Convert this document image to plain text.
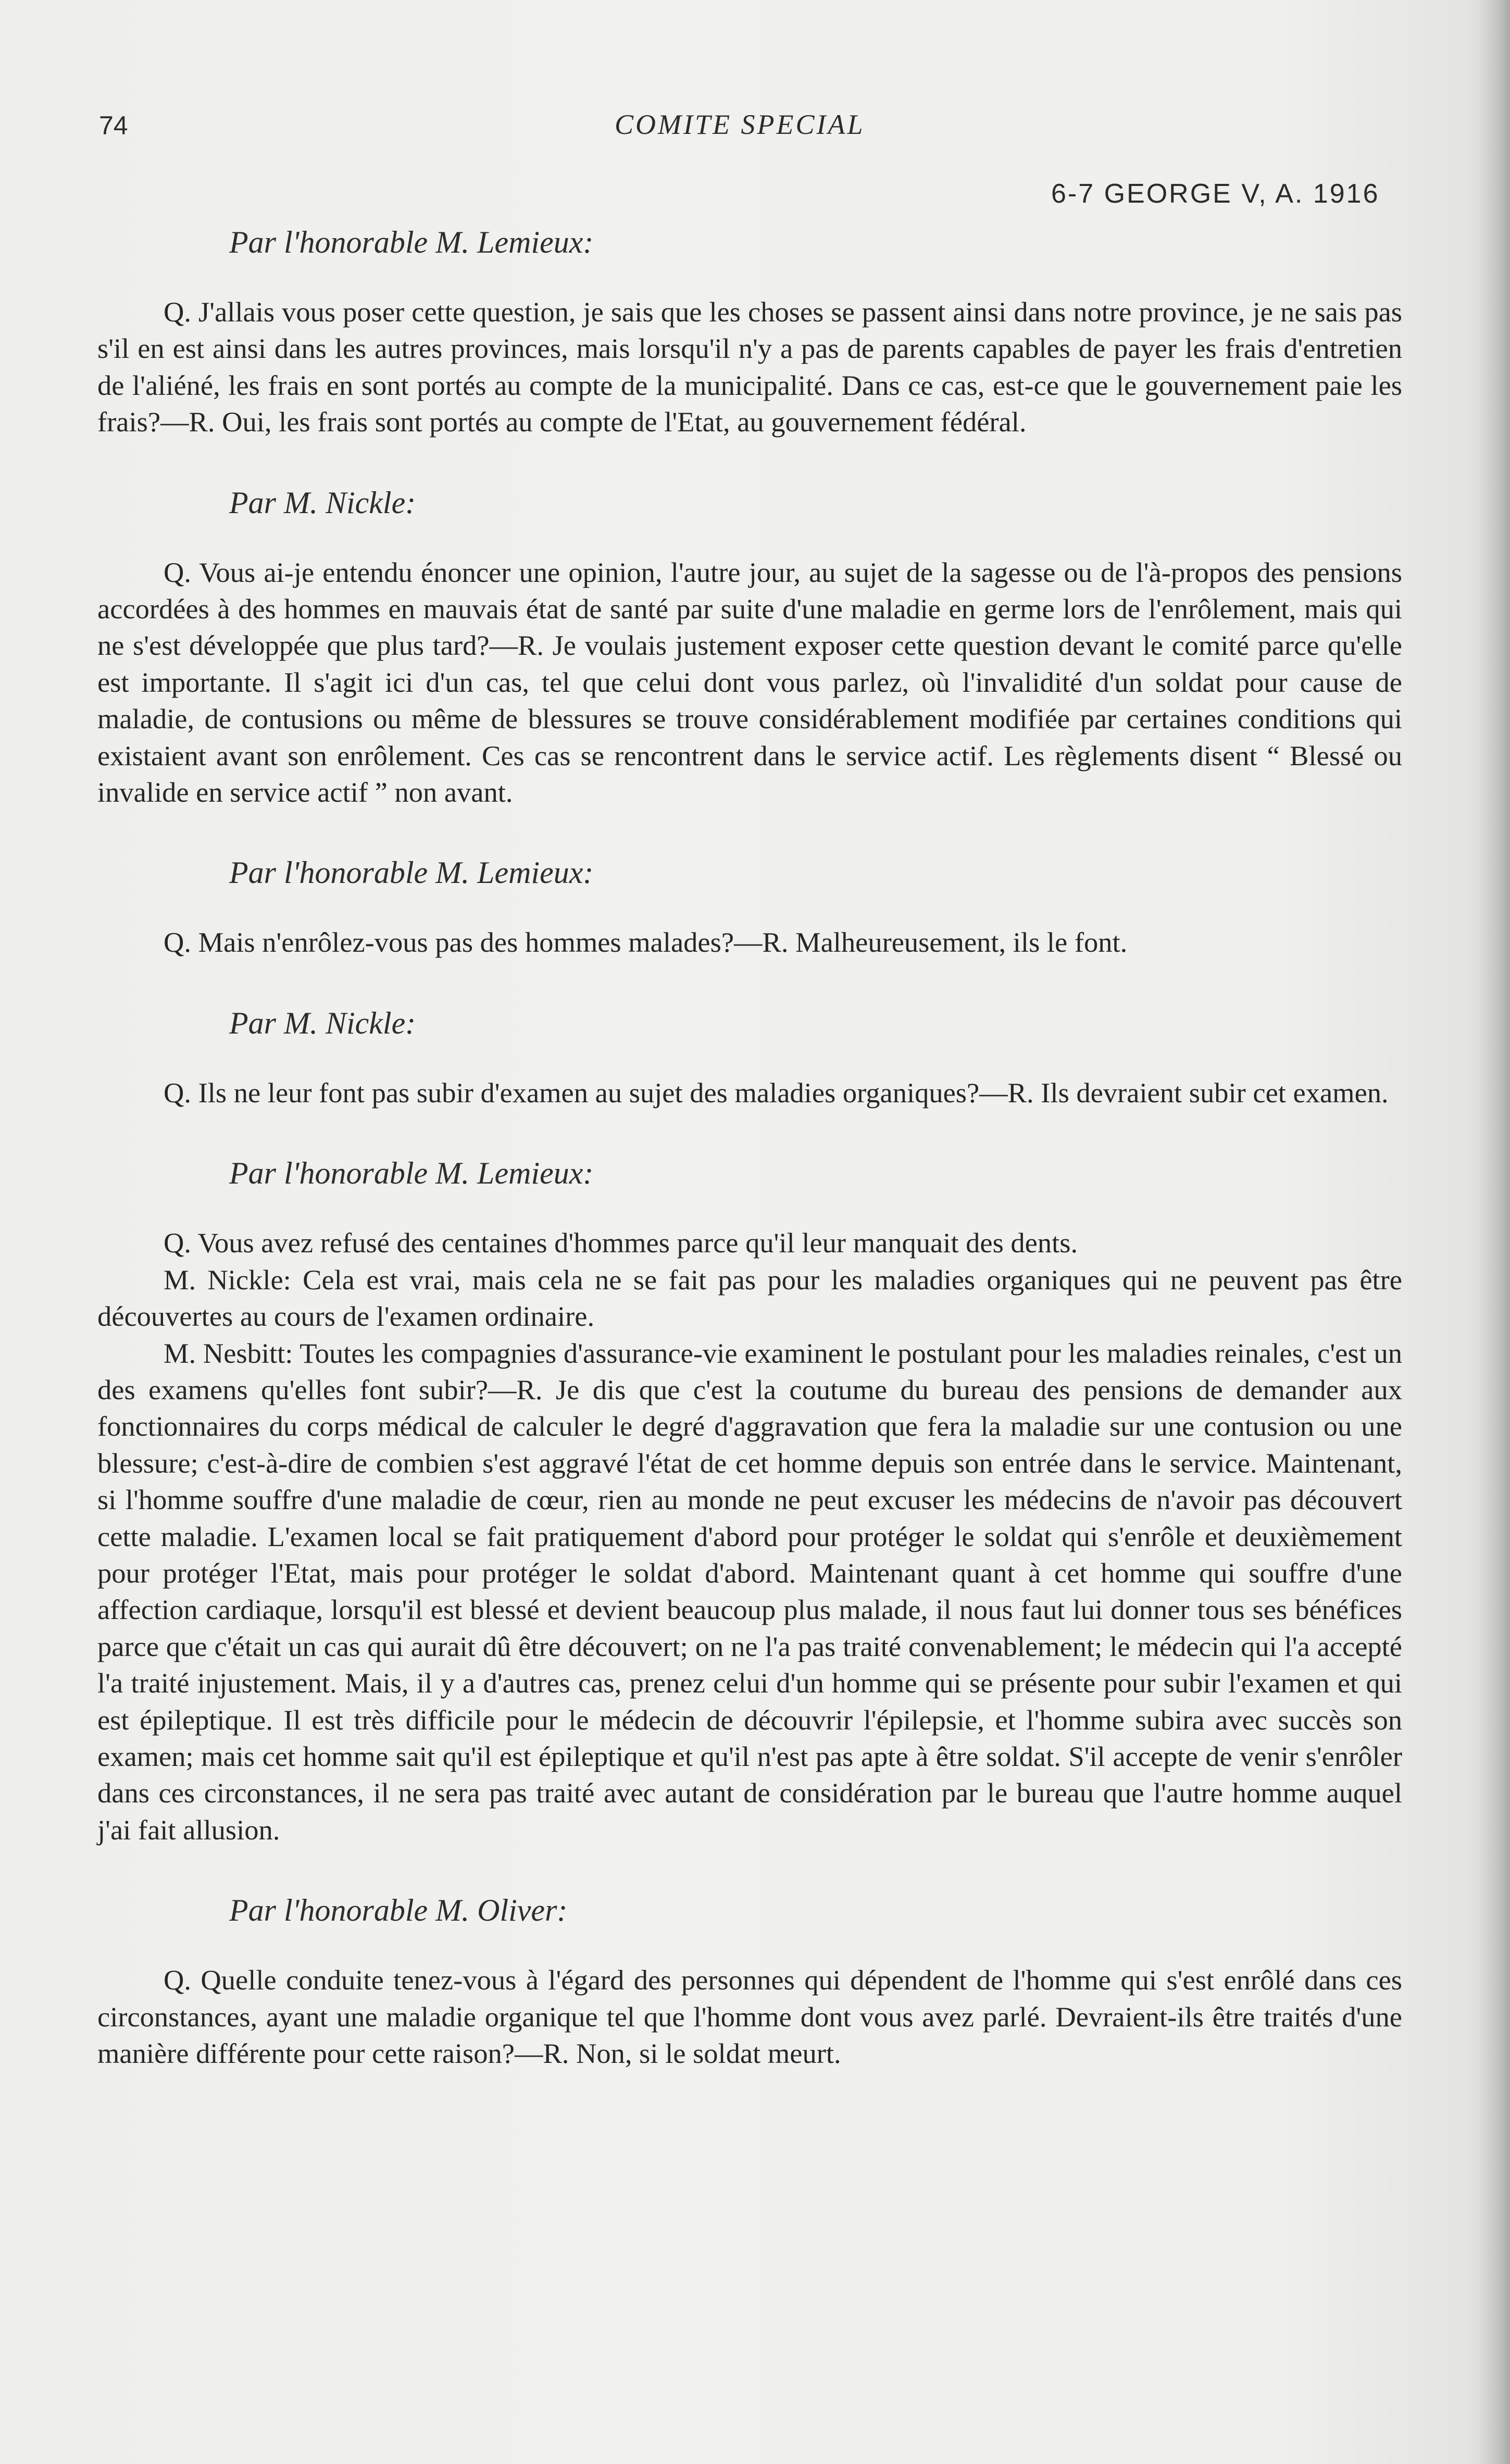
74	COMITE SPECIAL
6-7 GEORGE V, A. 1916

Par l'honorable M. Lemieux:

Q. J'allais vous poser cette question, je sais que les choses se passent ainsi dans notre province, je ne sais pas s'il en est ainsi dans les autres provinces, mais lorsqu'il n'y a pas de parents capables de payer les frais d'entretien de l'aliéné, les frais en sont portés au compte de la municipalité. Dans ce cas, est-ce que le gouvernement paie les frais?—R. Oui, les frais sont portés au compte de l'Etat, au gouvernement fédéral.

Par M. Nickle:

Q. Vous ai-je entendu énoncer une opinion, l'autre jour, au sujet de la sagesse ou de l'à-propos des pensions accordées à des hommes en mauvais état de santé par suite d'une maladie en germe lors de l'enrôlement, mais qui ne s'est développée que plus tard?—R. Je voulais justement exposer cette question devant le comité parce qu'elle est importante. Il s'agit ici d'un cas, tel que celui dont vous parlez, où l'invalidité d'un soldat pour cause de maladie, de contusions ou même de blessures se trouve considérablement modifiée par certaines conditions qui existaient avant son enrôlement. Ces cas se rencontrent dans le service actif. Les règlements disent “ Blessé ou invalide en service actif ” non avant.

Par l'honorable M. Lemieux:

Q. Mais n'enrôlez-vous pas des hommes malades?—R. Malheureusement, ils le font.

Par M. Nickle:

Q. Ils ne leur font pas subir d'examen au sujet des maladies organiques?—R. Ils devraient subir cet examen.

Par l'honorable M. Lemieux:

Q. Vous avez refusé des centaines d'hommes parce qu'il leur manquait des dents.

M. Nickle: Cela est vrai, mais cela ne se fait pas pour les maladies organiques qui ne peuvent pas être découvertes au cours de l'examen ordinaire.

M. Nesbitt: Toutes les compagnies d'assurance-vie examinent le postulant pour les maladies reinales, c'est un des examens qu'elles font subir?—R. Je dis que c'est la coutume du bureau des pensions de demander aux fonctionnaires du corps médical de calculer le degré d'aggravation que fera la maladie sur une contusion ou une blessure; c'est-à-dire de combien s'est aggravé l'état de cet homme depuis son entrée dans le service. Maintenant, si l'homme souffre d'une maladie de cœur, rien au monde ne peut excuser les médecins de n'avoir pas découvert cette maladie. L'examen local se fait pratiquement d'abord pour protéger le soldat qui s'enrôle et deuxièmement pour protéger l'Etat, mais pour protéger le soldat d'abord. Maintenant quant à cet homme qui souffre d'une affection cardiaque, lorsqu'il est blessé et devient beaucoup plus malade, il nous faut lui donner tous ses bénéfices parce que c'était un cas qui aurait dû être découvert; on ne l'a pas traité convenablement; le médecin qui l'a accepté l'a traité injustement. Mais, il y a d'autres cas, prenez celui d'un homme qui se présente pour subir l'examen et qui est épileptique. Il est très difficile pour le médecin de découvrir l'épilepsie, et l'homme subira avec succès son examen; mais cet homme sait qu'il est épileptique et qu'il n'est pas apte à être soldat. S'il accepte de venir s'enrôler dans ces circonstances, il ne sera pas traité avec autant de considération par le bureau que l'autre homme auquel j'ai fait allusion.

Par l'honorable M. Oliver:

Q. Quelle conduite tenez-vous à l'égard des personnes qui dépendent de l'homme qui s'est enrôlé dans ces circonstances, ayant une maladie organique tel que l'homme dont vous avez parlé. Devraient-ils être traités d'une manière différente pour cette raison?—R. Non, si le soldat meurt.
